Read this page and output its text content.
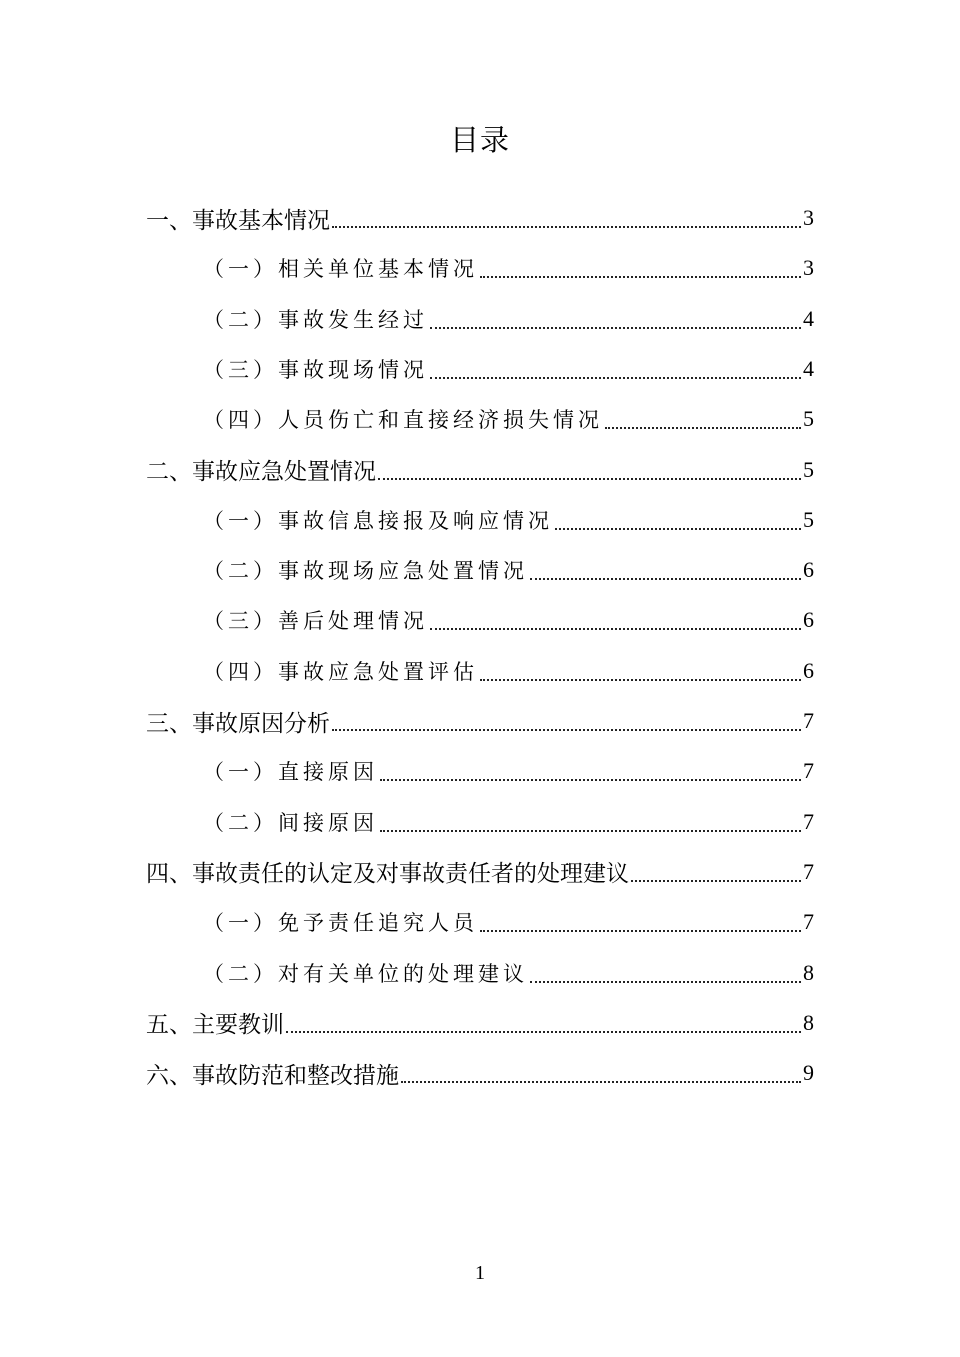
目录
一、事故基本情况	3
（一）相关单位基本情况	3
（二）事故发生经过	4
（三）事故现场情况	4
（四）人员伤亡和直接经济损失情况	5
二、事故应急处置情况	5
（一）事故信息接报及响应情况	5
（二）事故现场应急处置情况	6
（三）善后处理情况	6
（四）事故应急处置评估	6
三、事故原因分析	7
（一）直接原因	7
（二）间接原因	7
四、事故责任的认定及对事故责任者的处理建议	7
（一）免予责任追究人员	7
（二）对有关单位的处理建议	8
五、主要教训	8
六、事故防范和整改措施	9
1
